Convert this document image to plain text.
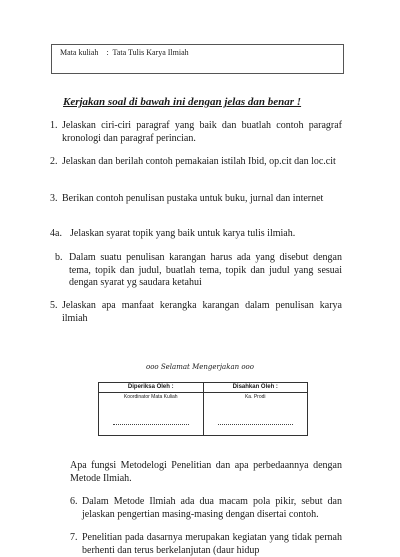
Mata kuliah : Tata Tulis Karya Ilmiah
Kerjakan soal di bawah ini dengan jelas dan benar !
1. Jelaskan ciri-ciri paragraf yang baik dan buatlah contoh paragraf kronologi dan paragraf perincian.
2. Jelaskan dan berilah contoh pemakaian istilah Ibid, op.cit dan loc.cit
3. Berikan contoh penulisan pustaka untuk buku, jurnal dan internet
4a. Jelaskan syarat topik yang baik untuk karya tulis ilmiah.
b. Dalam suatu penulisan karangan harus ada yang disebut dengan tema, topik dan judul, buatlah tema, topik dan judul yang sesuai dengan syarat yg saudara ketahui
5. Jelaskan apa manfaat kerangka karangan dalam penulisan karya ilmiah
ooo Selamat Mengerjakan ooo
Diperiksa Oleh :	Disahkan Oleh :

Koordinator Mata Kuliah	Ka. Prodi
Apa fungsi Metodelogi Penelitian dan apa perbedaannya dengan Metode Ilmiah.
6. Dalam Metode Ilmiah ada dua macam pola pikir, sebut dan jelaskan pengertian masing-masing dengan disertai contoh.
7. Penelitian pada dasarnya merupakan kegiatan yang tidak pernah berhenti dan terus berkelanjutan (daur hidup
